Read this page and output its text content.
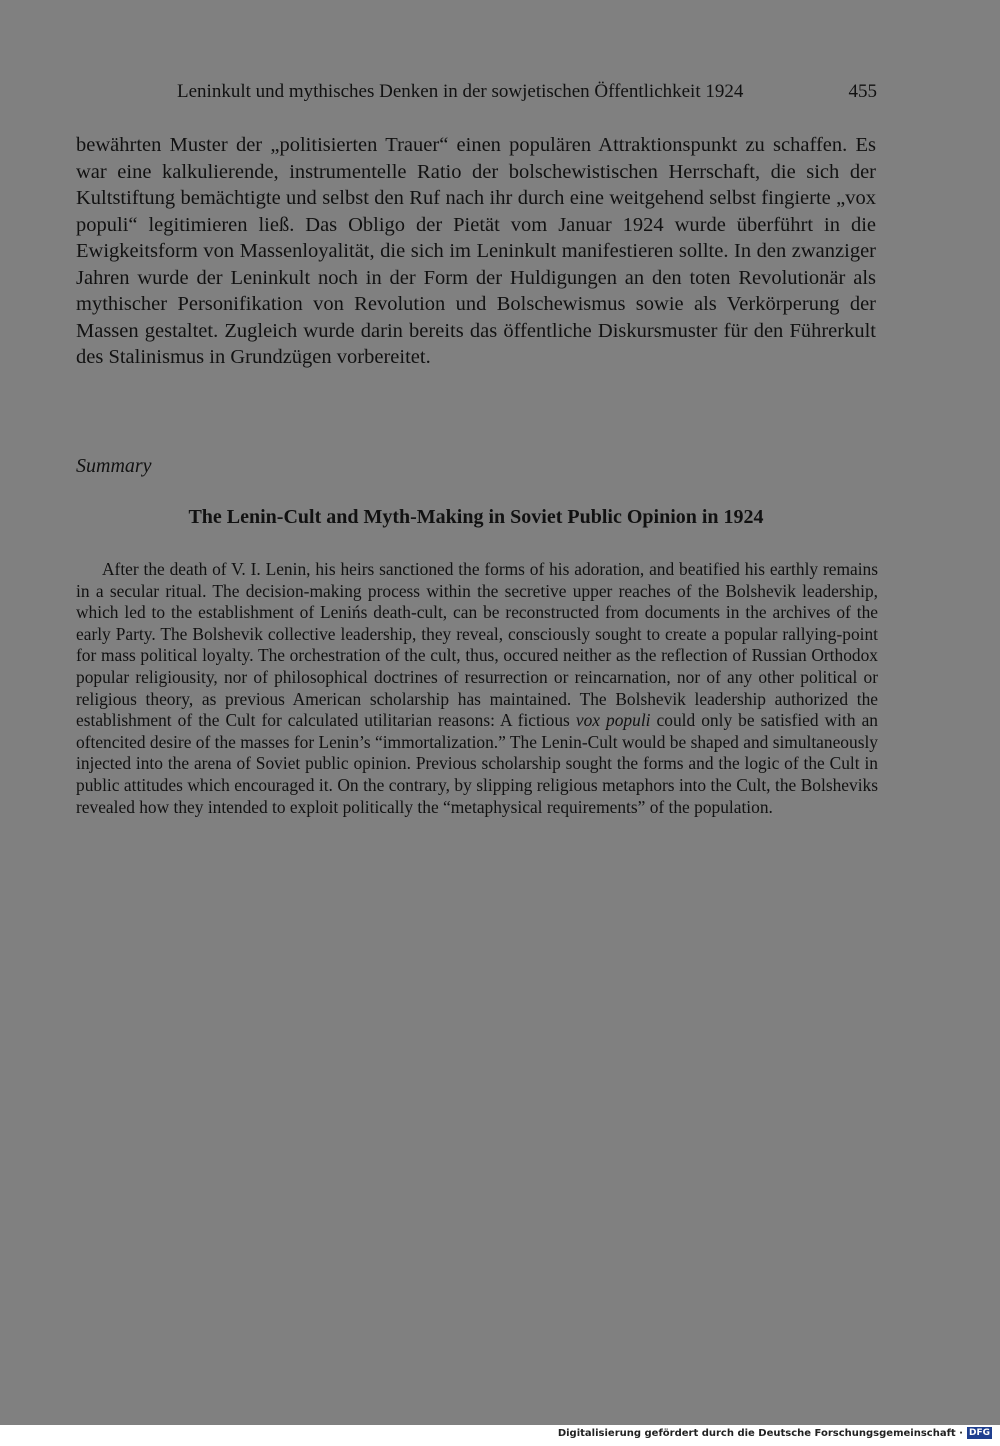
Leninkult und mythisches Denken in der sowjetischen Öffentlichkeit 1924	455

bewährten Muster der „politisierten Trauer“ einen populären Attraktionspunkt zu schaffen. Es war eine kalkulierende, instrumentelle Ratio der bolschewistischen Herrschaft, die sich der Kultstiftung bemächtigte und selbst den Ruf nach ihr durch eine weitgehend selbst fingierte „vox populi“ legitimieren ließ. Das Obligo der Pietät vom Januar 1924 wurde überführt in die Ewigkeitsform von Massenloyalität, die sich im Leninkult manifestieren sollte. In den zwanziger Jahren wurde der Leninkult noch in der Form der Huldigungen an den toten Revolutionär als mythischer Personifikation von Revolution und Bolschewismus sowie als Verkörperung der Massen gestaltet. Zugleich wurde darin bereits das öffentliche Diskursmuster für den Führerkult des Stalinismus in Grundzügen vorbereitet.

Summary
The Lenin-Cult and Myth-Making in Soviet Public Opinion in 1924

After the death of V. I. Lenin, his heirs sanctioned the forms of his adoration, and beatified his earthly remains in a secular ritual. The decision-making process within the secretive upper reaches of the Bolshevik leadership, which led to the establishment of Lenińs death-cult, can be reconstructed from documents in the archives of the early Party. The Bolshevik collective leadership, they reveal, consciously sought to create a popular rallying-point for mass political loyalty. The orchestration of the cult, thus, occured neither as the reflection of Russian Orthodox popular religiousity, nor of philosophical doctrines of resurrection or reincarnation, nor of any other political or religious theory, as previous American scholarship has maintained. The Bolshevik leadership authorized the establishment of the Cult for calculated utilitarian reasons: A fictious vox populi could only be satisfied with an oftencited desire of the masses for Lenin’s “immortalization.” The Lenin-Cult would be shaped and simultaneously injected into the arena of Soviet public opinion. Previous scholarship sought the forms and the logic of the Cult in public attitudes which encouraged it. On the contrary, by slipping religious metaphors into the Cult, the Bolsheviks revealed how they intended to exploit politically the “metaphysical requirements” of the population.

Digitalisierung gefördert durch die Deutsche Forschungsgemeinschaft · DFG
